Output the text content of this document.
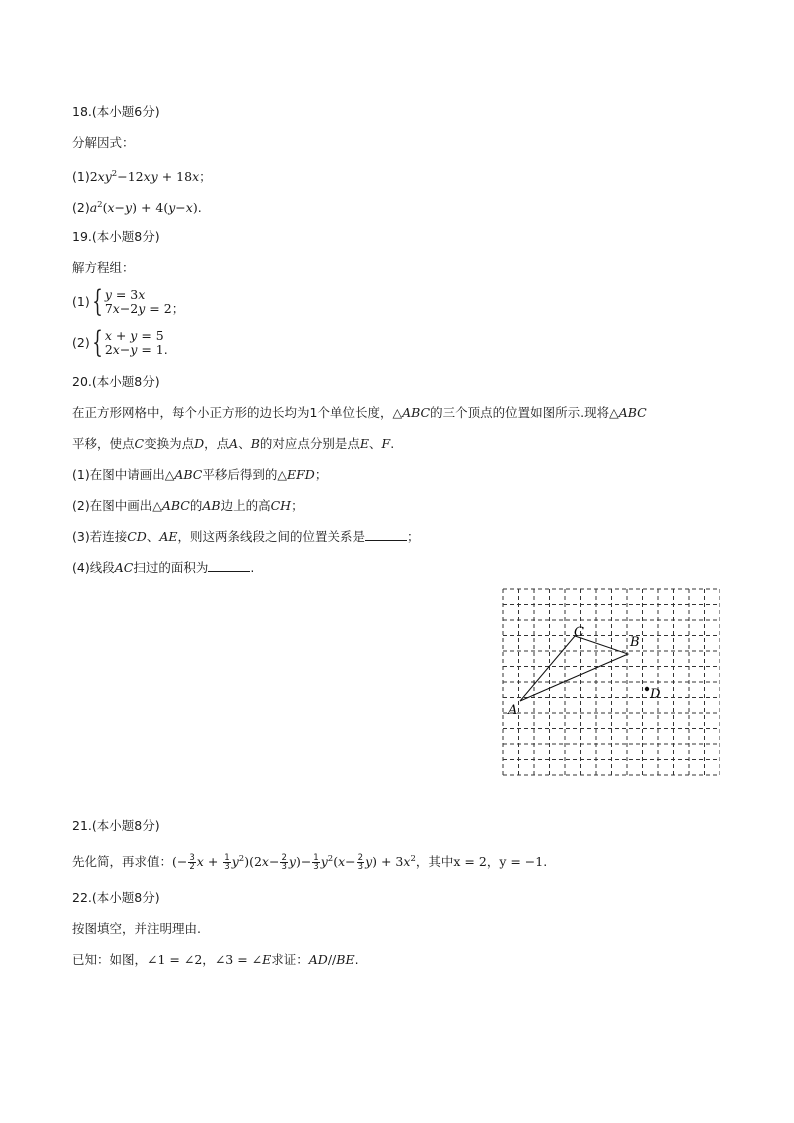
18.(本小题6分)
分解因式：
$(1)2xy^2-12xy + 18x$；
$(2)a^2(x-y) + 4(y-x)$.
19.(本小题8分)
解方程组：
(1){ y = 3x
7x−2y = 2；
(2){ x + y = 5
2x−y = 1.
20.(本小题8分)
在正方形网格中，每个小正方形的边长均为1个单位长度，△ABC的三个顶点的位置如图所示.现将△ABC
平移，使点C变换为点D，点A、B的对应点分别是点E、F.
(1)在图中请画出△ABC平移后得到的△EFD；
(2)在图中画出△ABC的AB边上的高CH；
(3)若连接CD、AE，则这两条线段之间的位置关系是	；
(4)线段AC扫过的面积为	.
A
C
B
D
21.(本小题8分)
先化简，再求值：(− $\frac{3}{2}$ $x + \frac{1}{3} y^2)(2x- \frac{2}{3} y)- \frac{1}{3} y^2(x- \frac{2}{3} y) + 3x^2$，其中x = 2，y = −1.
22.(本小题8分)
按图填空，并注明理由.
已知：如图，∠1 = ∠2，∠3 = ∠E求证：AD//BE.
